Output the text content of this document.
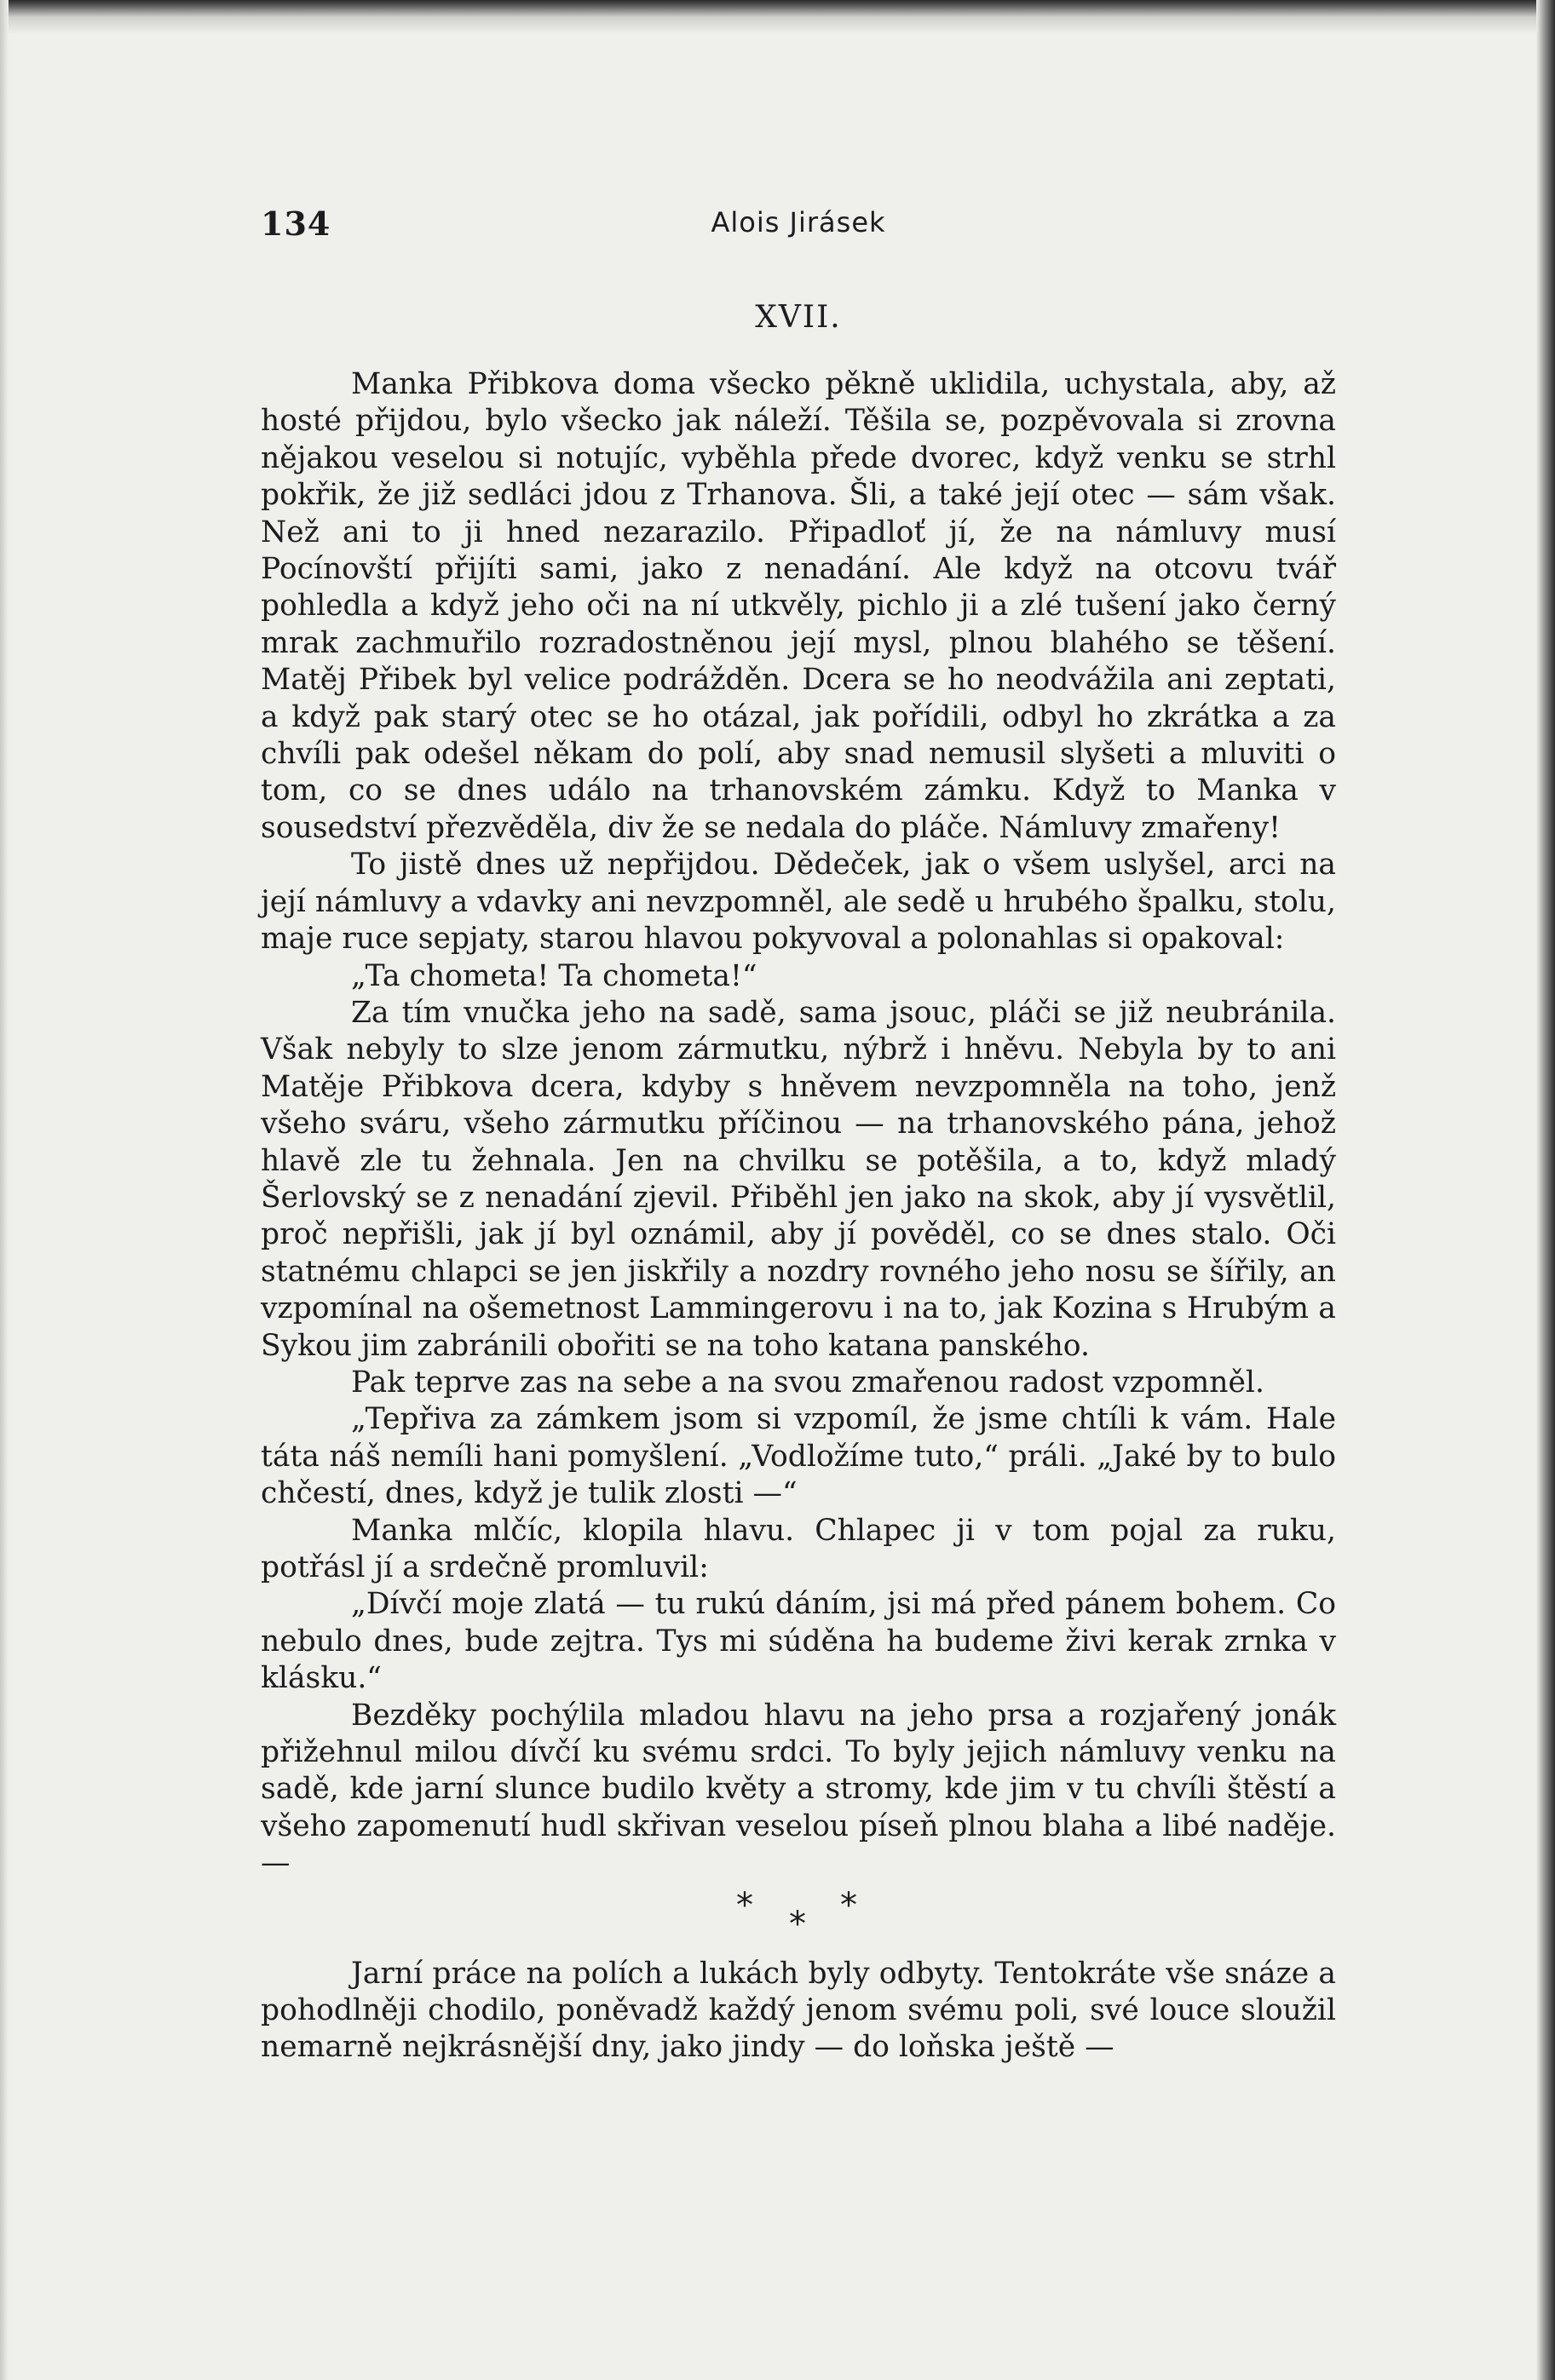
134	Alois Jirásek
XVII.

Manka Přibkova doma všecko pěkně uklidila, uchystala, aby, až hosté přijdou, bylo všecko jak náleží. Těšila se, pozpěvovala si zrovna nějakou veselou si notujíc, vyběhla přede dvorec, když venku se strhl pokřik, že již sedláci jdou z Trhanova. Šli, a také její otec — sám však. Než ani to ji hned nezarazilo. Připadloť jí, že na námluvy musí Pocínovští přijíti sami, jako z nenadání. Ale když na otcovu tvář pohledla a když jeho oči na ní utkvěly, pichlo ji a zlé tušení jako černý mrak zachmuřilo rozradostněnou její mysl, plnou blahého se těšení. Matěj Přibek byl velice podrážděn. Dcera se ho neodvážila ani zeptati, a když pak starý otec se ho otázal, jak pořídili, odbyl ho zkrátka a za chvíli pak odešel někam do polí, aby snad nemusil slyšeti a mluviti o tom, co se dnes událo na trhanovském zámku. Když to Manka v sousedství přezvěděla, div že se nedala do pláče. Námluvy zmařeny!

To jistě dnes už nepřijdou. Dědeček, jak o všem uslyšel, arci na její námluvy a vdavky ani nevzpomněl, ale sedě u hrubého špalku, stolu, maje ruce sepjaty, starou hlavou pokyvoval a polonahlas si opakoval:

„Ta chometa! Ta chometa!“

Za tím vnučka jeho na sadě, sama jsouc, pláči se již neubránila. Však nebyly to slze jenom zármutku, nýbrž i hněvu. Nebyla by to ani Matěje Přibkova dcera, kdyby s hněvem nevzpomněla na toho, jenž všeho sváru, všeho zármutku příčinou — na trhanovského pána, jehož hlavě zle tu žehnala. Jen na chvilku se potěšila, a to, když mladý Šerlovský se z nenadání zjevil. Přiběhl jen jako na skok, aby jí vysvětlil, proč nepřišli, jak jí byl oznámil, aby jí pověděl, co se dnes stalo. Oči statnému chlapci se jen jiskřily a nozdry rovného jeho nosu se šířily, an vzpomínal na ošemetnost Lammingerovu i na to, jak Kozina s Hrubým a Sykou jim zabránili obořiti se na toho katana panského.

Pak teprve zas na sebe a na svou zmařenou radost vzpomněl.

„Tepřiva za zámkem jsom si vzpomíl, že jsme chtíli k vám. Hale táta náš nemíli hani pomyšlení. „Vodložíme tuto,“ práli. „Jaké by to bulo chčestí, dnes, když je tulik zlosti —“

Manka mlčíc, klopila hlavu. Chlapec ji v tom pojal za ruku, potřásl jí a srdečně promluvil:

„Dívčí moje zlatá — tu rukú dáním, jsi má před pánem bohem. Co nebulo dnes, bude zejtra. Tys mi súděna ha budeme živi kerak zrnka v klásku.“

Bezděky pochýlila mladou hlavu na jeho prsa a rozjařený jonák přižehnul milou dívčí ku svému srdci. To byly jejich námluvy venku na sadě, kde jarní slunce budilo květy a stromy, kde jim v tu chvíli štěstí a všeho zapomenutí hudl skřivan veselou píseň plnou blaha a libé naděje. —

* * *

Jarní práce na polích a lukách byly odbyty. Tentokráte vše snáze a pohodlněji chodilo, poněvadž každý jenom svému poli, své louce sloužil nemarně nejkrásnější dny, jako jindy — do loňska ještě —
